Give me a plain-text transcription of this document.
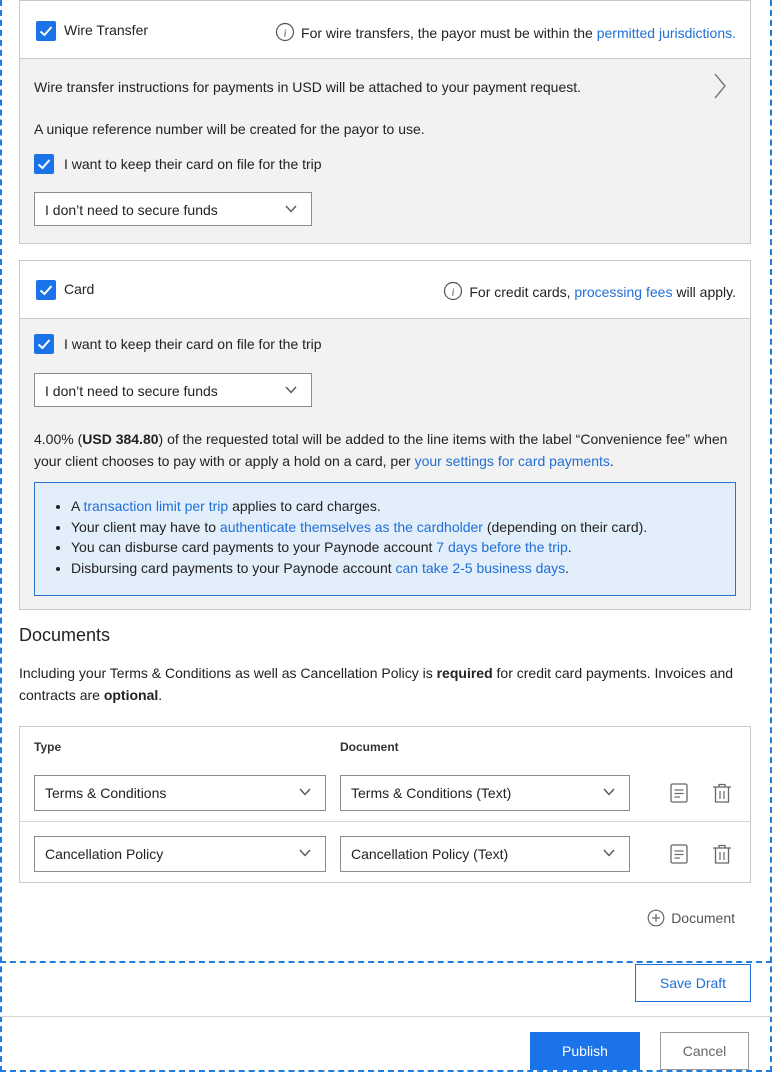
Wire Transfer	i For wire transfers, the payor must be within the permitted jurisdictions.
Wire transfer instructions for payments in USD will be attached to your payment request.
A unique reference number will be created for the payor to use.
I want to keep their card on file for the trip
I don’t need to secure funds
Card	i For credit cards, processing fees will apply.
I want to keep their card on file for the trip
I don’t need to secure funds
4.00% (USD 384.80) of the requested total will be added to the line items with the label “Convenience fee” when your client chooses to pay with or apply a hold on a card, per your settings for card payments.
• A transaction limit per trip applies to card charges.
• Your client may have to authenticate themselves as the cardholder (depending on their card).
• You can disburse card payments to your Paynode account 7 days before the trip.
• Disbursing card payments to your Paynode account can take 2-5 business days.
Documents
Including your Terms & Conditions as well as Cancellation Policy is required for credit card payments. Invoices and contracts are optional.
Type	Document
Terms & Conditions	Terms & Conditions (Text)
Cancellation Policy	Cancellation Policy (Text)
Document
Save Draft
Publish	Cancel
